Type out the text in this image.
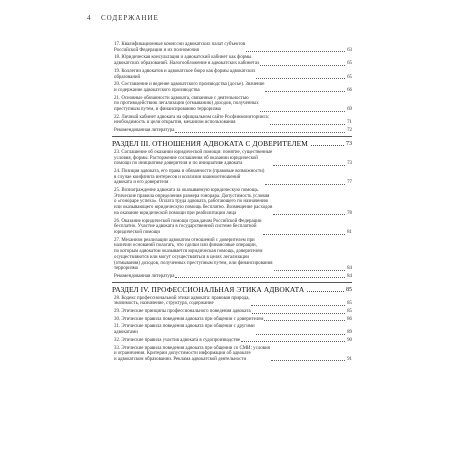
4 СОДЕРЖАНИЕ
17. Квалификационные комиссии адвокатских палат субъектов
Российской Федерации и их полномочия	63
18. Юридическая консультация и адвокатский кабинет как формы
адвокатских образований. Налогообложение в адвокатских кабинетах	65
19. Коллегии адвокатов и адвокатское бюро как формы адвокатских
образований	65
20. Составление и ведение адвокатского производства (досье). Значение
и содержание адвокатского производства	66
21. Основные обязанности адвоката, связанные с деятельностью
по противодействию легализации (отмыванию) доходов, полученных
преступным путем, и финансированию терроризма	69
22. Личный кабинет адвоката на официальном сайте Росфинмониторинга:
необходимость и цели открытия, механизм использования	71
Рекомендованная литература	72
РАЗДЕЛ III.
ОТНОШЕНИЯ АДВОКАТА С ДОВЕРИТЕЛЕМ	73
23. Соглашение об оказании юридической помощи: понятие, существенные
условия, формы. Расторжение соглашения об оказании юридической
помощи по инициативе доверителя и по инициативе адвоката	73
24. Позиция адвоката, его права и обязанности (правовые возможности)
в случае конфликта интересов и коллизии взаимоотношений
адвоката и его доверителя	77
25. Вознаграждение адвоката за оказываемую юридическую помощь.
Этические правила определения размера гонорара. Допустимость условия
о «гонораре успеха». Оплата труда адвоката, работающего по назначению
или оказывающего юридическую помощь бесплатно. Возмещение расходов
на оказание юридической помощи при реабилитации лица	78
26. Оказание юридической помощи гражданам Российской Федерации
бесплатно. Участие адвоката в государственной системе бесплатной
юридической помощи	81
27. Механизм реализации адвокатом отношений с доверителем при
наличии оснований полагать, что сделки или финансовые операции,
по которым адвокатом оказывается юридическая помощь, доверителем
осуществляются или могут осуществляться в целях легализации
(отмывания) доходов, полученных преступным путем, или финансирования
терроризма	84
Рекомендованная литература	84
РАЗДЕЛ IV.
ПРОФЕССИОНАЛЬНАЯ ЭТИКА АДВОКАТА	85
28. Кодекс профессиональной этики адвоката: правовая природа,
значимость, назначение, структура, содержание	85
29. Этические принципы профессионального поведения адвоката	85
30. Этические правила поведения адвоката при общении с доверителем	86
31. Этические правила поведения адвоката при общении с другими
адвокатами	89
32. Этические правила участия адвоката в судопроизводстве	90
33. Этические правила поведения адвоката при общении со СМИ: условия
и ограничения. Критерии допустимости информации об адвокате
и адвокатском образовании. Реклама адвокатской деятельности	91
